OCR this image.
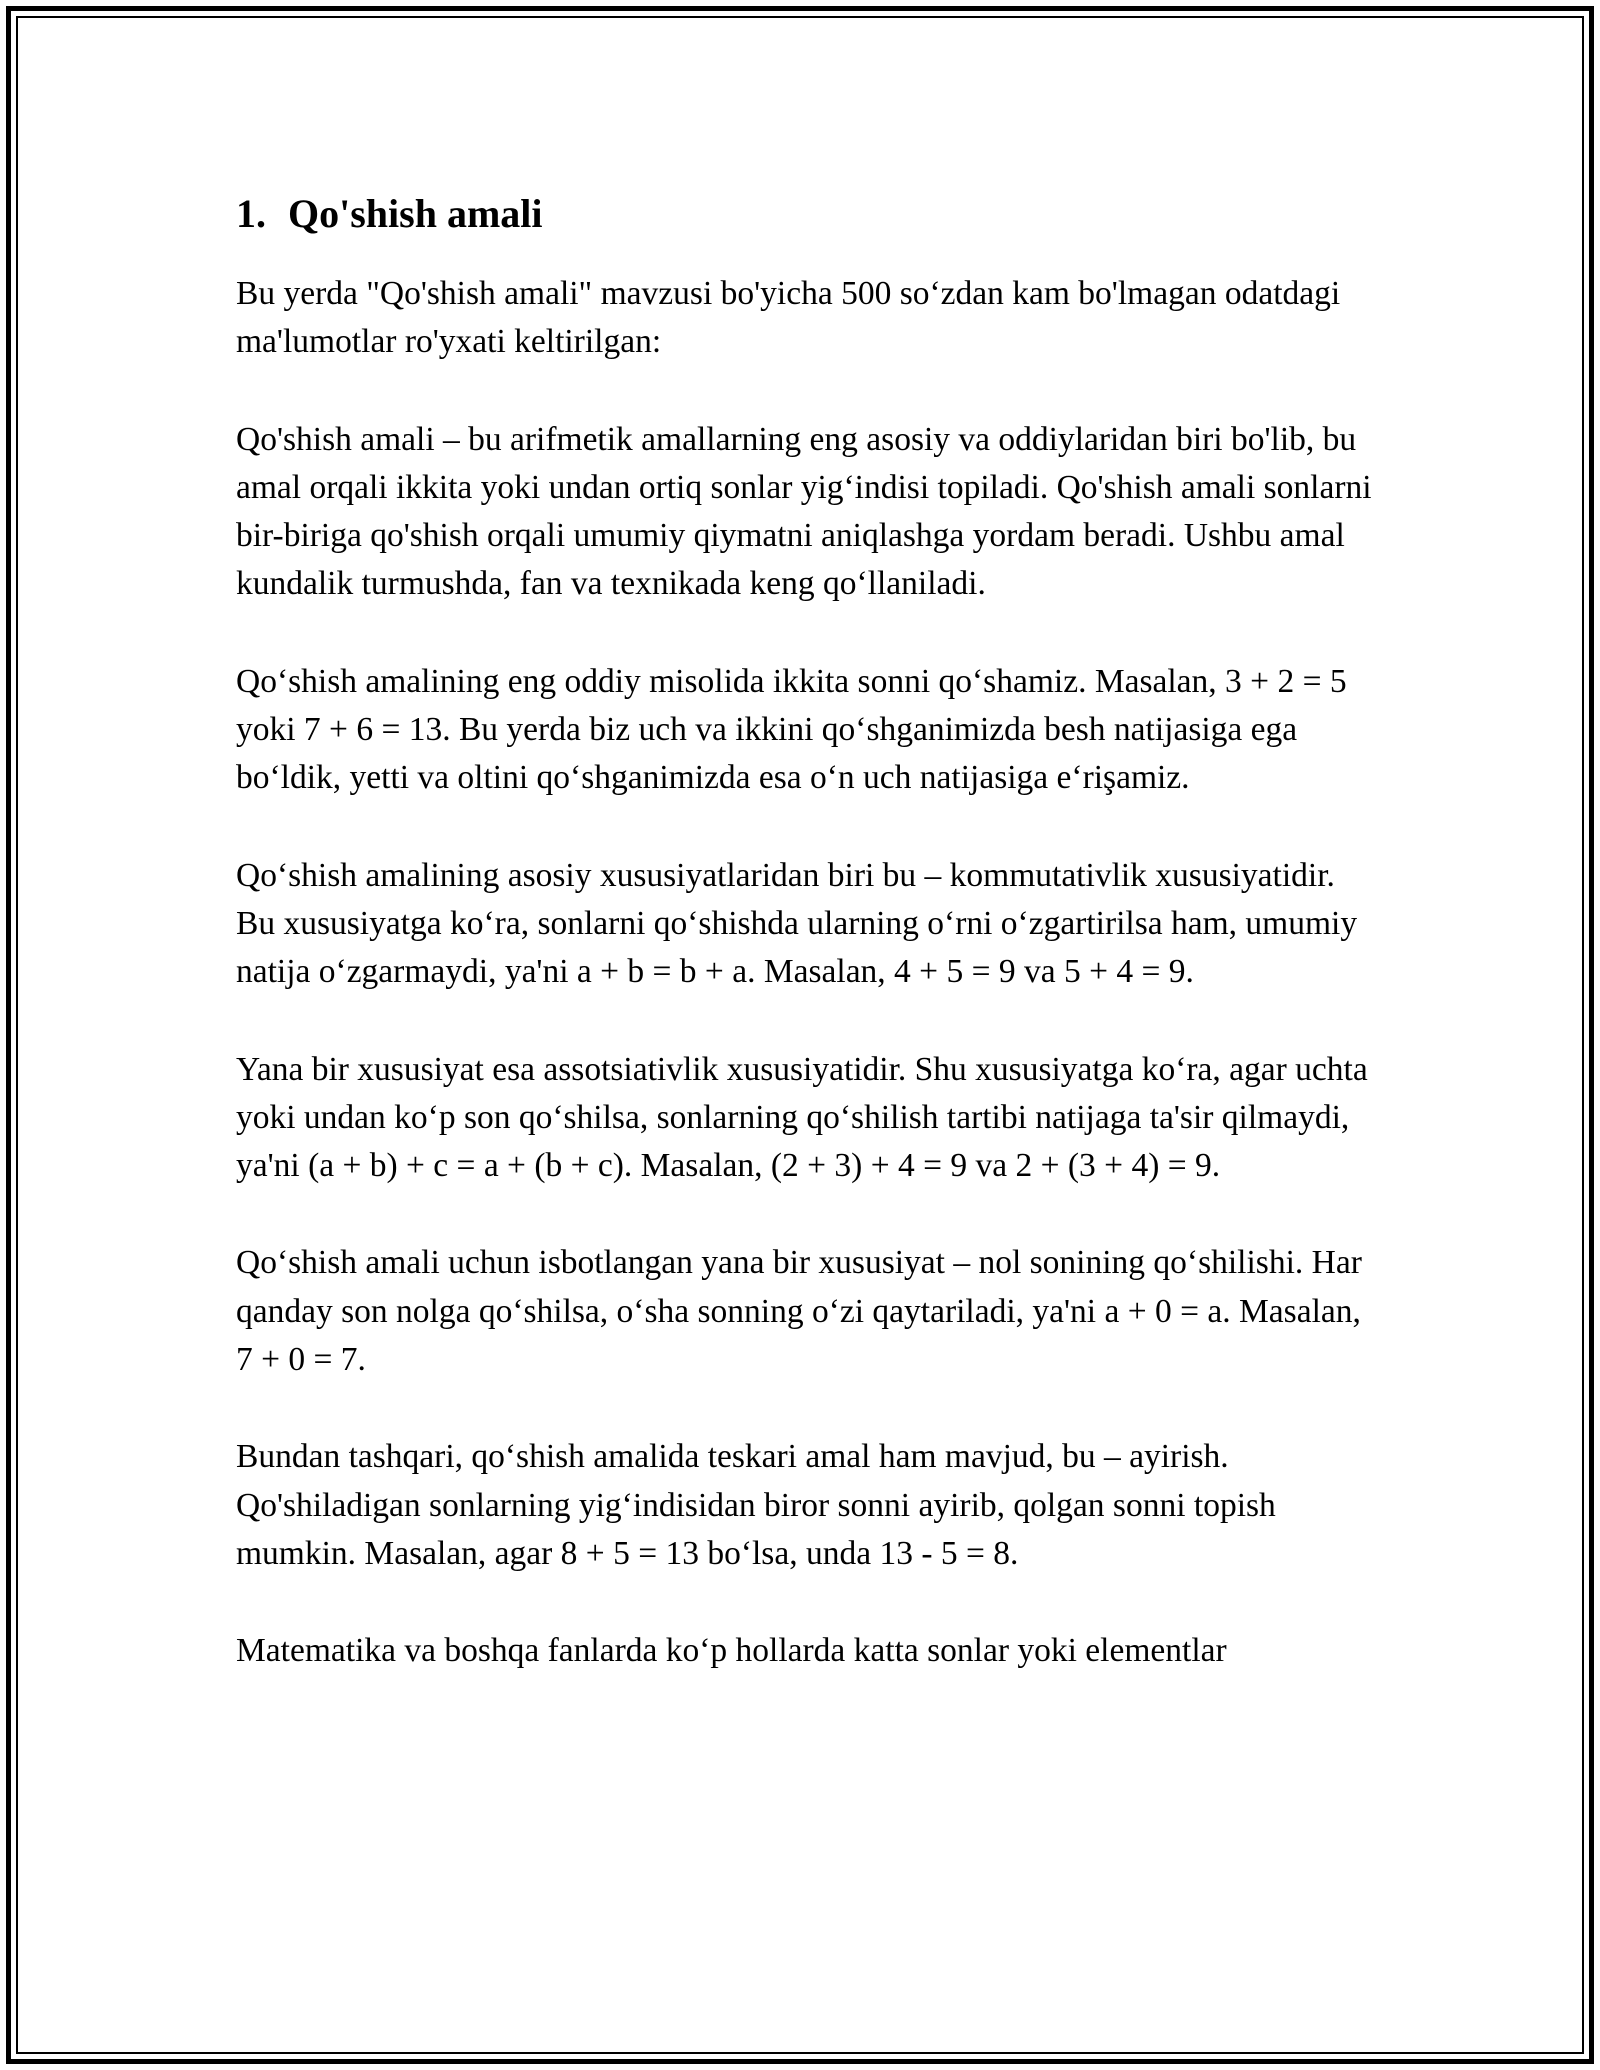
1. Qo'shish amali

Bu yerda "Qo'shish amali" mavzusi bo'yicha 500 so‘zdan kam bo'lmagan odatdagi ma'lumotlar ro'yxati keltirilgan:

Qo'shish amali – bu arifmetik amallarning eng asosiy va oddiylaridan biri bo'lib, bu amal orqali ikkita yoki undan ortiq sonlar yig‘indisi topiladi. Qo'shish amali sonlarni bir-biriga qo'shish orqali umumiy qiymatni aniqlashga yordam beradi. Ushbu amal kundalik turmushda, fan va texnikada keng qo‘llaniladi.

Qo‘shish amalining eng oddiy misolida ikkita sonni qo‘shamiz. Masalan, 3 + 2 = 5 yoki 7 + 6 = 13. Bu yerda biz uch va ikkini qo‘shganimizda besh natijasiga ega bo‘ldik, yetti va oltini qo‘shganimizda esa o‘n uch natijasiga e‘rişamiz.

Qo‘shish amalining asosiy xususiyatlaridan biri bu – kommutativlik xususiyatidir. Bu xususiyatga ko‘ra, sonlarni qo‘shishda ularning o‘rni o‘zgartirilsa ham, umumiy natija o‘zgarmaydi, ya'ni a + b = b + a. Masalan, 4 + 5 = 9 va 5 + 4 = 9.

Yana bir xususiyat esa assotsiativlik xususiyatidir. Shu xususiyatga ko‘ra, agar uchta yoki undan ko‘p son qo‘shilsa, sonlarning qo‘shilish tartibi natijaga ta'sir qilmaydi, ya'ni (a + b) + c = a + (b + c). Masalan, (2 + 3) + 4 = 9 va 2 + (3 + 4) = 9.

Qo‘shish amali uchun isbotlangan yana bir xususiyat – nol sonining qo‘shilishi. Har qanday son nolga qo‘shilsa, o‘sha sonning o‘zi qaytariladi, ya'ni a + 0 = a. Masalan, 7 + 0 = 7.

Bundan tashqari, qo‘shish amalida teskari amal ham mavjud, bu – ayirish. Qo'shiladigan sonlarning yig‘indisidan biror sonni ayirib, qolgan sonni topish mumkin. Masalan, agar 8 + 5 = 13 bo‘lsa, unda 13 - 5 = 8.

Matematika va boshqa fanlarda ko‘p hollarda katta sonlar yoki elementlar
